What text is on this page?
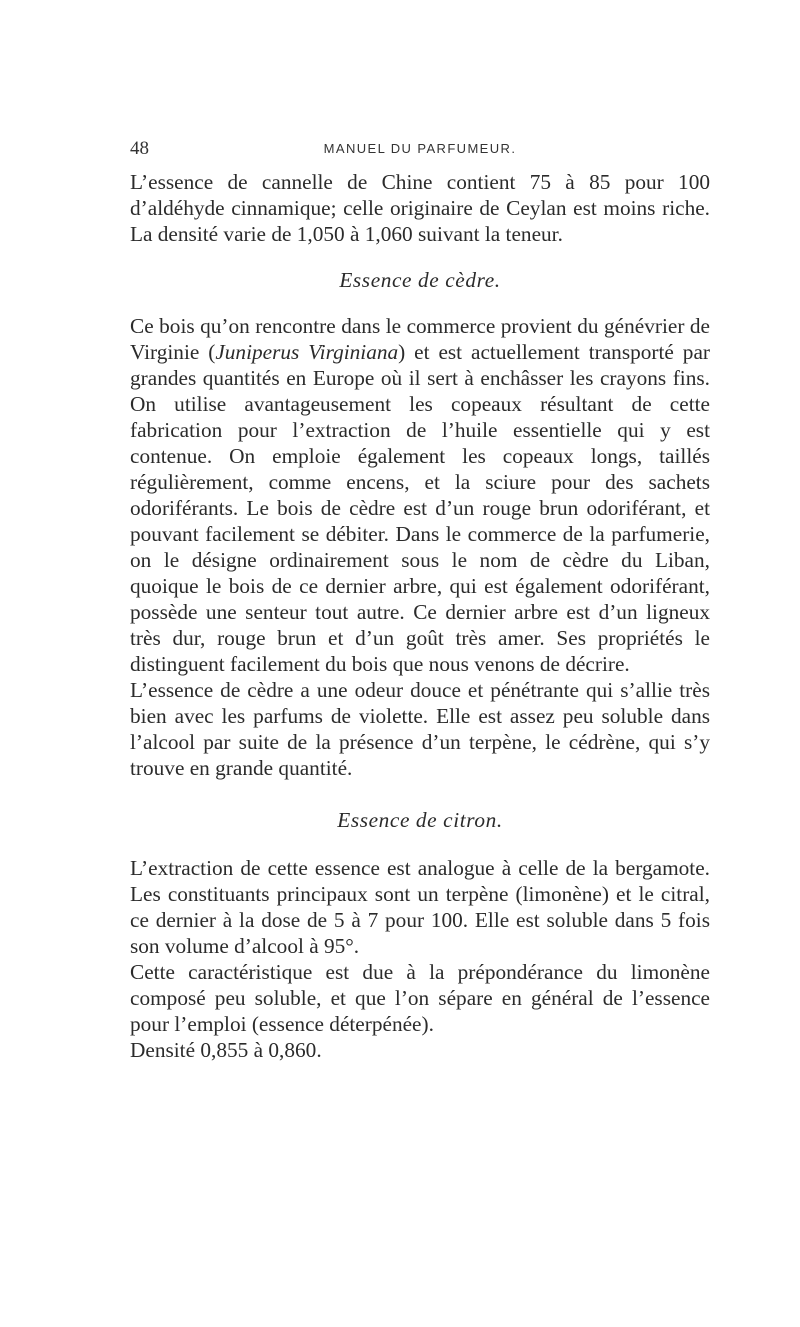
48	MANUEL DU PARFUMEUR.

L’essence de cannelle de Chine contient 75 à 85 pour 100 d’aldéhyde cinnamique; celle originaire de Ceylan est moins riche. La densité varie de 1,050 à 1,060 suivant la teneur.

Essence de cèdre.

Ce bois qu’on rencontre dans le commerce provient du génévrier de Virginie (Juniperus Virginiana) et est actuellement transporté par grandes quantités en Europe où il sert à enchâsser les crayons fins. On utilise avantageusement les copeaux résultant de cette fabrication pour l’extraction de l’huile essentielle qui y est contenue. On emploie également les copeaux longs, taillés régulièrement, comme encens, et la sciure pour des sachets odoriférants. Le bois de cèdre est d’un rouge brun odoriférant, et pouvant facilement se débiter. Dans le commerce de la parfumerie, on le désigne ordinairement sous le nom de cèdre du Liban, quoique le bois de ce dernier arbre, qui est également odoriférant, possède une senteur tout autre. Ce dernier arbre est d’un ligneux très dur, rouge brun et d’un goût très amer. Ses propriétés le distinguent facilement du bois que nous venons de décrire.

L’essence de cèdre a une odeur douce et pénétrante qui s’allie très bien avec les parfums de violette. Elle est assez peu soluble dans l’alcool par suite de la présence d’un terpène, le cédrène, qui s’y trouve en grande quantité.

Essence de citron.

L’extraction de cette essence est analogue à celle de la bergamote. Les constituants principaux sont un terpène (limonène) et le citral, ce dernier à la dose de 5 à 7 pour 100. Elle est soluble dans 5 fois son volume d’alcool à 95°.

Cette caractéristique est due à la prépondérance du limonène composé peu soluble, et que l’on sépare en général de l’essence pour l’emploi (essence déterpénée).

Densité 0,855 à 0,860.
